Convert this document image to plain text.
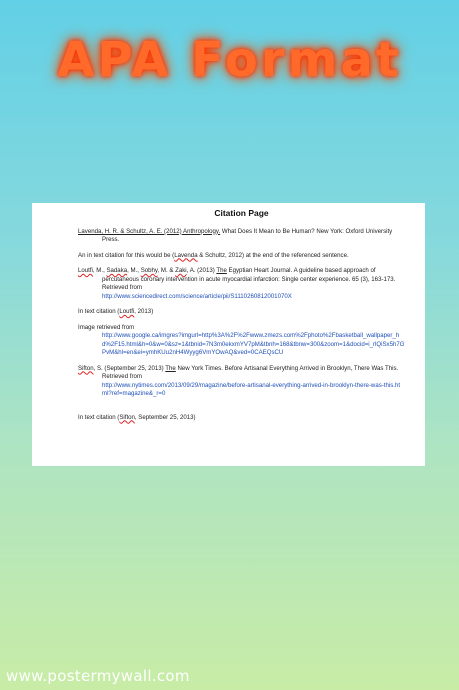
APA Format
Citation Page
Lavenda, H. R. & Schultz, A. E. (2012) Anthropology. What Does It Mean to Be Human? New York: Oxford University Press.
An in text citation for this would be (Lavenda & Schultz, 2012) at the end of the referenced sentence.
Loutfi, M., Sadaka, M., Sobhy, M. & Zaki, A. (2013) The Egyptian Heart Journal. A guideline based approach of percutaneous coronary intervention in acute myocardial infarction: Single center experience. 65 (3), 163-173. Retrieved from
http://www.sciencedirect.com/science/article/pii/S1110260812001070X
In text citation (Loutfi, 2013)
Image retrieved from
http://www.google.ca/imgres?imgurl=http%3A%2F%2Fwww.zmezs.com%2Fphoto%2Fbasketball_wallpaper_hd%2F15.html&h=0&w=0&sz=1&tbnid=7N3m0ekxmYV7pM&tbnh=168&tbnw=300&zoom=1&docid=i_rlQiSx5h7GPvM&hl=en&ei=ymhKUu2nH4Wyyg6VmYOwAQ&ved=0CAEQsCU
Sifton, S. (September 25, 2013) The New York Times. Before Artisanal Everything Arrived in Brooklyn, There Was This. Retrieved from
http://www.nytimes.com/2013/09/29/magazine/before-artisanal-everything-arrived-in-brooklyn-there-was-this.html?ref=magazine&_r=0
In text citation (Sifton, September 25, 2013)
www.postermywall.com
